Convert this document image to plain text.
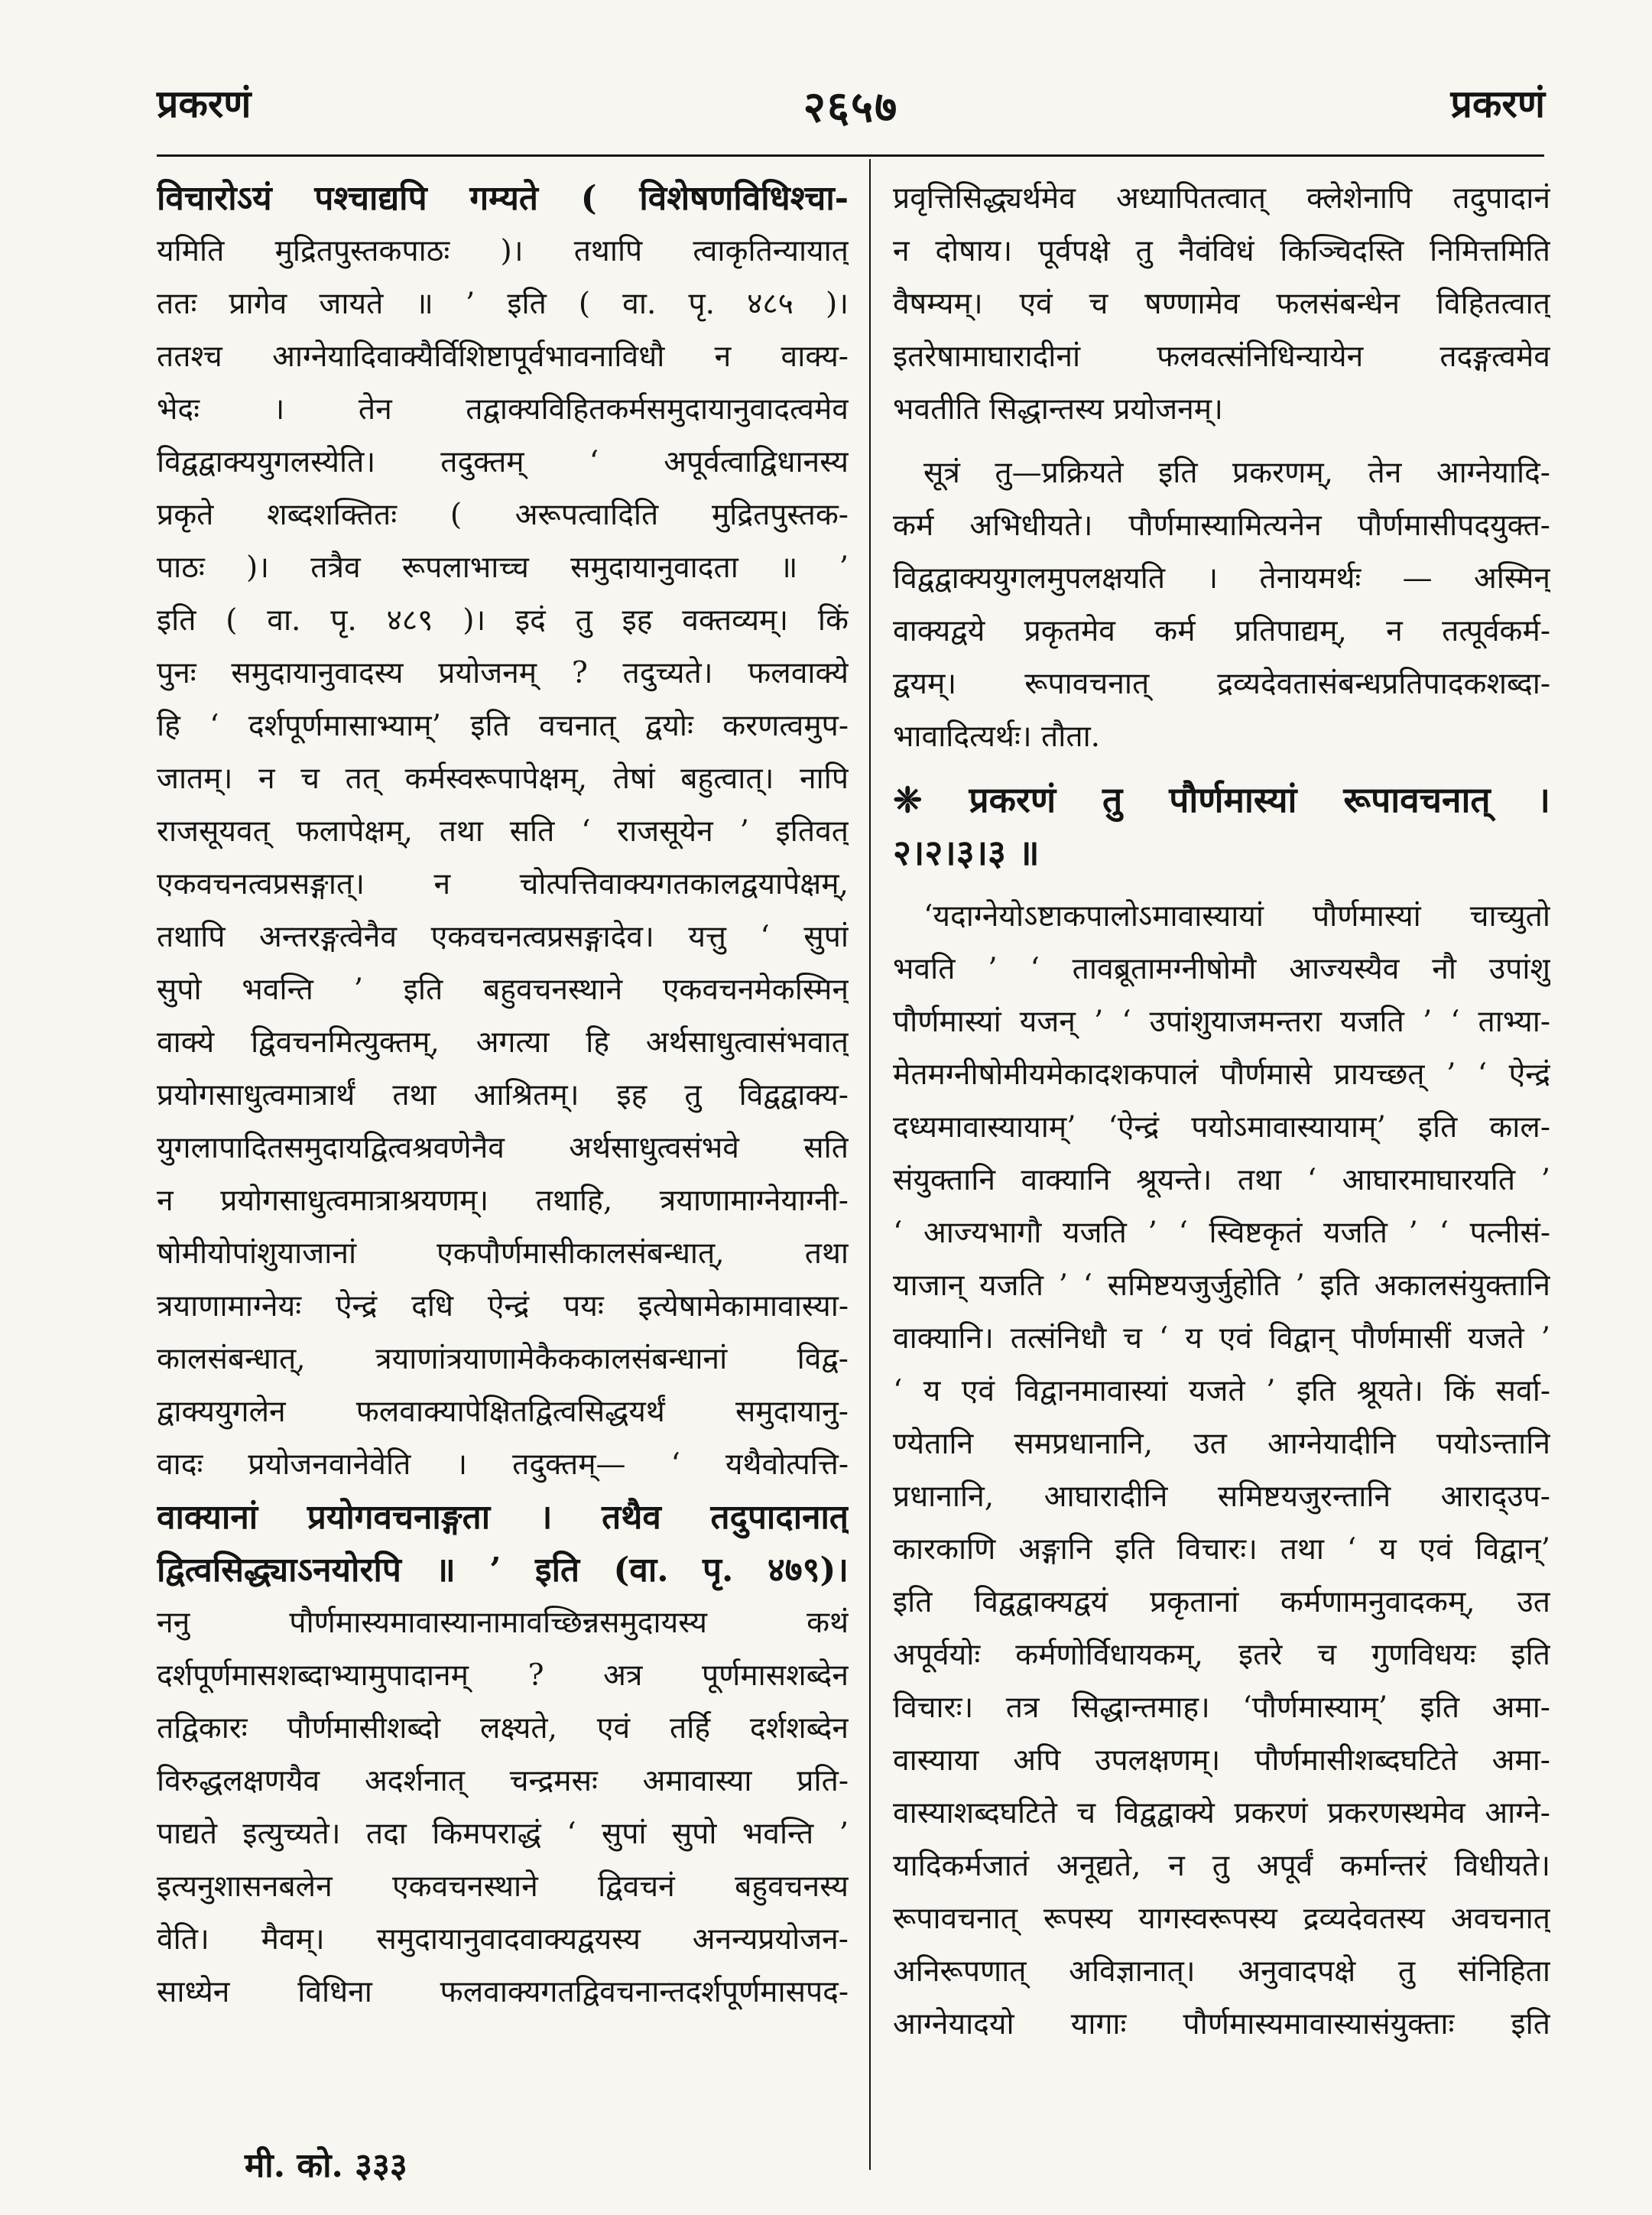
प्रकरणं	२६५७	प्रकरणं
विचारोऽयं पश्चाद्यपि गम्यते ( विशेषणविधिश्चा-
यमिति मुद्रितपुस्तकपाठः )। तथापि त्वाकृतिन्यायात्
ततः प्रागेव जायते ॥ ’ इति ( वा. पृ. ४८५ )।
ततश्च आग्नेयादिवाक्यैर्विशिष्टापूर्वभावनाविधौ न वाक्य-
भेदः । तेन तद्वाक्यविहितकर्मसमुदायानुवादत्वमेव
विद्वद्वाक्ययुगलस्येति। तदुक्तम् ‘ अपूर्वत्वाद्विधानस्य
प्रकृते शब्दशक्तितः ( अरूपत्वादिति मुद्रितपुस्तक-
पाठः )। तत्रैव रूपलाभाच्च समुदायानुवादता ॥ ’
इति ( वा. पृ. ४८९ )। इदं तु इह वक्तव्यम्। किं
पुनः समुदायानुवादस्य प्रयोजनम् ? तदुच्यते। फलवाक्ये
हि ‘ दर्शपूर्णमासाभ्याम्’ इति वचनात् द्वयोः करणत्वमुप-
जातम्। न च तत् कर्मस्वरूपापेक्षम्, तेषां बहुत्वात्। नापि
राजसूयवत् फलापेक्षम्, तथा सति ‘ राजसूयेन ’ इतिवत्
एकवचनत्वप्रसङ्गात्। न चोत्पत्तिवाक्यगतकालद्वयापेक्षम्,
तथापि अन्तरङ्गत्वेनैव एकवचनत्वप्रसङ्गादेव। यत्तु ‘ सुपां
सुपो भवन्ति ’ इति बहुवचनस्थाने एकवचनमेकस्मिन्
वाक्ये द्विवचनमित्युक्तम्, अगत्या हि अर्थसाधुत्वासंभवात्
प्रयोगसाधुत्वमात्रार्थं तथा आश्रितम्। इह तु विद्वद्वाक्य-
युगलापादितसमुदायद्वित्वश्रवणेनैव अर्थसाधुत्वसंभवे सति
न प्रयोगसाधुत्वमात्राश्रयणम्। तथाहि, त्रयाणामाग्नेयाग्नी-
षोमीयोपांशुयाजानां एकपौर्णमासीकालसंबन्धात्, तथा
त्रयाणामाग्नेयः ऐन्द्रं दधि ऐन्द्रं पयः इत्येषामेकामावास्या-
कालसंबन्धात्, त्रयाणांत्रयाणामेकैककालसंबन्धानां विद्व-
द्वाक्ययुगलेन फलवाक्यापेक्षितद्वित्वसिद्धयर्थं समुदायानु-
वादः प्रयोजनवानेवेति । तदुक्तम्— ‘ यथैवोत्पत्ति-
वाक्यानां प्रयोगवचनाङ्गता । तथैव तदुपादानात्
द्वित्वसिद्ध्याऽनयोरपि ॥ ’ इति (वा. पृ. ४७९)।
ननु पौर्णमास्यमावास्यानामावच्छिन्नसमुदायस्य कथं
दर्शपूर्णमासशब्दाभ्यामुपादानम् ? अत्र पूर्णमासशब्देन
तद्विकारः पौर्णमासीशब्दो लक्ष्यते, एवं तर्हि दर्शशब्देन
विरुद्धलक्षणयैव अदर्शनात् चन्द्रमसः अमावास्या प्रति-
पाद्यते इत्युच्यते। तदा किमपराद्धं ‘ सुपां सुपो भवन्ति ’
इत्यनुशासनबलेन एकवचनस्थाने द्विवचनं बहुवचनस्य
वेति। मैवम्। समुदायानुवादवाक्यद्वयस्य अनन्यप्रयोजन-
साध्येन विधिना फलवाक्यगतद्विवचनान्तदर्शपूर्णमासपद-
प्रवृत्तिसिद्ध्यर्थमेव अध्यापितत्वात् क्लेशेनापि तदुपादानं
न दोषाय। पूर्वपक्षे तु नैवंविधं किञ्चिदस्ति निमित्तमिति
वैषम्यम्। एवं च षण्णामेव फलसंबन्धेन विहितत्वात्
इतरेषामाघारादीनां फलवत्संनिधिन्यायेन तदङ्गत्वमेव
भवतीति सिद्धान्तस्य प्रयोजनम्।
सूत्रं तु—प्रक्रियते इति प्रकरणम्, तेन आग्नेयादि-
कर्म अभिधीयते। पौर्णमास्यामित्यनेन पौर्णमासीपदयुक्त-
विद्वद्वाक्ययुगलमुपलक्षयति । तेनायमर्थः — अस्मिन्
वाक्यद्वये प्रकृतमेव कर्म प्रतिपाद्यम्, न तत्पूर्वकर्म-
द्वयम्। रूपावचनात् द्रव्यदेवतासंबन्धप्रतिपादकशब्दा-
भावादित्यर्थः। तौता.
❈ प्रकरणं तु पौर्णमास्यां रूपावचनात् ।
२।२।३।३ ॥
‘यदाग्नेयोऽष्टाकपालोऽमावास्यायां पौर्णमास्यां चाच्युतो
भवति ’ ‘ तावब्रूतामग्नीषोमौ आज्यस्यैव नौ उपांशु
पौर्णमास्यां यजन् ’ ‘ उपांशुयाजमन्तरा यजति ’ ‘ ताभ्या-
मेतमग्नीषोमीयमेकादशकपालं पौर्णमासे प्रायच्छत् ’ ‘ ऐन्द्रं
दध्यमावास्यायाम्’ ‘ऐन्द्रं पयोऽमावास्यायाम्’ इति काल-
संयुक्तानि वाक्यानि श्रूयन्ते। तथा ‘ आघारमाघारयति ’
‘ आज्यभागौ यजति ’ ‘ स्विष्टकृतं यजति ’ ‘ पत्नीसं-
याजान् यजति ’ ‘ समिष्टयजुर्जुहोति ’ इति अकालसंयुक्तानि
वाक्यानि। तत्संनिधौ च ‘ य एवं विद्वान् पौर्णमासीं यजते ’
‘ य एवं विद्वानमावास्यां यजते ’ इति श्रूयते। किं सर्वा-
ण्येतानि समप्रधानानि, उत आग्नेयादीनि पयोऽन्तानि
प्रधानानि, आघारादीनि समिष्टयजुरन्तानि आराद्उप-
कारकाणि अङ्गानि इति विचारः। तथा ‘ य एवं विद्वान्’
इति विद्वद्वाक्यद्वयं प्रकृतानां कर्मणामनुवादकम्, उत
अपूर्वयोः कर्मणोर्विधायकम्, इतरे च गुणविधयः इति
विचारः। तत्र सिद्धान्तमाह। ‘पौर्णमास्याम्’ इति अमा-
वास्याया अपि उपलक्षणम्। पौर्णमासीशब्दघटिते अमा-
वास्याशब्दघटिते च विद्वद्वाक्ये प्रकरणं प्रकरणस्थमेव आग्ने-
यादिकर्मजातं अनूद्यते, न तु अपूर्वं कर्मान्तरं विधीयते।
रूपावचनात् रूपस्य यागस्वरूपस्य द्रव्यदेवतस्य अवचनात्
अनिरूपणात् अविज्ञानात्। अनुवादपक्षे तु संनिहिता
आग्नेयादयो यागाः पौर्णमास्यमावास्यासंयुक्ताः इति
मी. को. ३३३
